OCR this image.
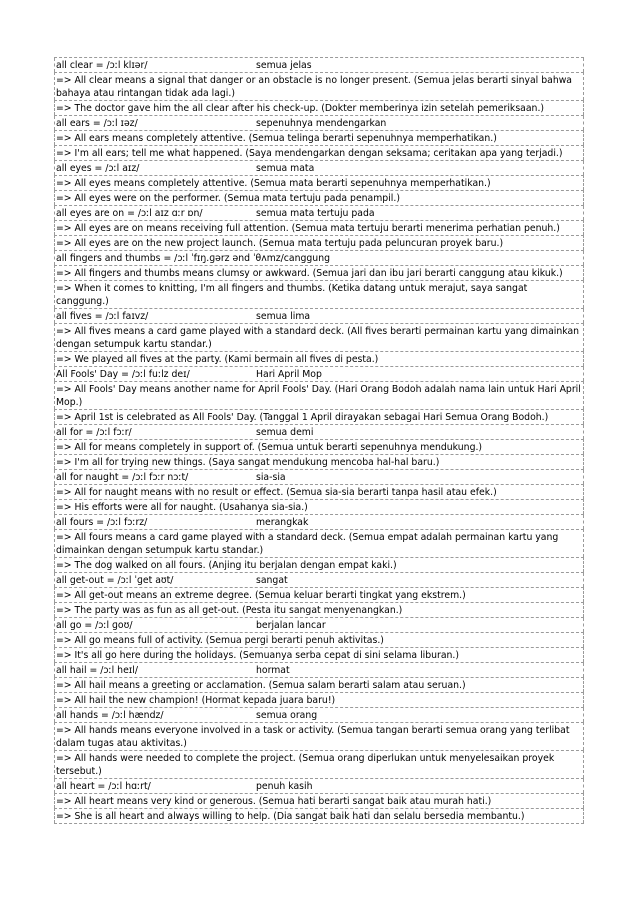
all clear = /ɔːl klɪər/	semua jelas
=> All clear means a signal that danger or an obstacle is no longer present. (Semua jelas berarti sinyal bahwa bahaya atau rintangan tidak ada lagi.)
=> The doctor gave him the all clear after his check-up. (Dokter memberinya izin setelah pemeriksaan.)
all ears = /ɔːl ɪəz/	sepenuhnya mendengarkan
=> All ears means completely attentive. (Semua telinga berarti sepenuhnya memperhatikan.)
=> I'm all ears; tell me what happened. (Saya mendengarkan dengan seksama; ceritakan apa yang terjadi.)
all eyes = /ɔːl aɪz/	semua mata
=> All eyes means completely attentive. (Semua mata berarti sepenuhnya memperhatikan.)
=> All eyes were on the performer. (Semua mata tertuju pada penampil.)
all eyes are on = /ɔːl aɪz ɑːr ɒn/	semua mata tertuju pada
=> All eyes are on means receiving full attention. (Semua mata tertuju berarti menerima perhatian penuh.)
=> All eyes are on the new project launch. (Semua mata tertuju pada peluncuran proyek baru.)
all fingers and thumbs = /ɔːl ˈfɪŋ.ɡərz ənd ˈθʌmz/ canggung
=> All fingers and thumbs means clumsy or awkward. (Semua jari dan ibu jari berarti canggung atau kikuk.)
=> When it comes to knitting, I'm all fingers and thumbs. (Ketika datang untuk merajut, saya sangat canggung.)
all fives = /ɔːl faɪvz/	semua lima
=> All fives means a card game played with a standard deck. (All fives berarti permainan kartu yang dimainkan dengan setumpuk kartu standar.)
=> We played all fives at the party. (Kami bermain all fives di pesta.)
All Fools' Day = /ɔːl fuːlz deɪ/	Hari April Mop
=> All Fools' Day means another name for April Fools' Day. (Hari Orang Bodoh adalah nama lain untuk Hari April Mop.)
=> April 1st is celebrated as All Fools' Day. (Tanggal 1 April dirayakan sebagai Hari Semua Orang Bodoh.)
all for = /ɔːl fɔːr/	semua demi
=> All for means completely in support of. (Semua untuk berarti sepenuhnya mendukung.)
=> I'm all for trying new things. (Saya sangat mendukung mencoba hal-hal baru.)
all for naught = /ɔːl fɔːr nɔːt/	sia-sia
=> All for naught means with no result or effect. (Semua sia-sia berarti tanpa hasil atau efek.)
=> His efforts were all for naught. (Usahanya sia-sia.)
all fours = /ɔːl fɔːrz/	merangkak
=> All fours means a card game played with a standard deck. (Semua empat adalah permainan kartu yang dimainkan dengan setumpuk kartu standar.)
=> The dog walked on all fours. (Anjing itu berjalan dengan empat kaki.)
all get-out = /ɔːl ˈɡet aʊt/	sangat
=> All get-out means an extreme degree. (Semua keluar berarti tingkat yang ekstrem.)
=> The party was as fun as all get-out. (Pesta itu sangat menyenangkan.)
all go = /ɔːl ɡoʊ/	berjalan lancar
=> All go means full of activity. (Semua pergi berarti penuh aktivitas.)
=> It's all go here during the holidays. (Semuanya serba cepat di sini selama liburan.)
all hail = /ɔːl heɪl/	hormat
=> All hail means a greeting or acclamation. (Semua salam berarti salam atau seruan.)
=> All hail the new champion! (Hormat kepada juara baru!)
all hands = /ɔːl hændz/	semua orang
=> All hands means everyone involved in a task or activity. (Semua tangan berarti semua orang yang terlibat dalam tugas atau aktivitas.)
=> All hands were needed to complete the project. (Semua orang diperlukan untuk menyelesaikan proyek tersebut.)
all heart = /ɔːl hɑːrt/	penuh kasih
=> All heart means very kind or generous. (Semua hati berarti sangat baik atau murah hati.)
=> She is all heart and always willing to help. (Dia sangat baik hati dan selalu bersedia membantu.)
